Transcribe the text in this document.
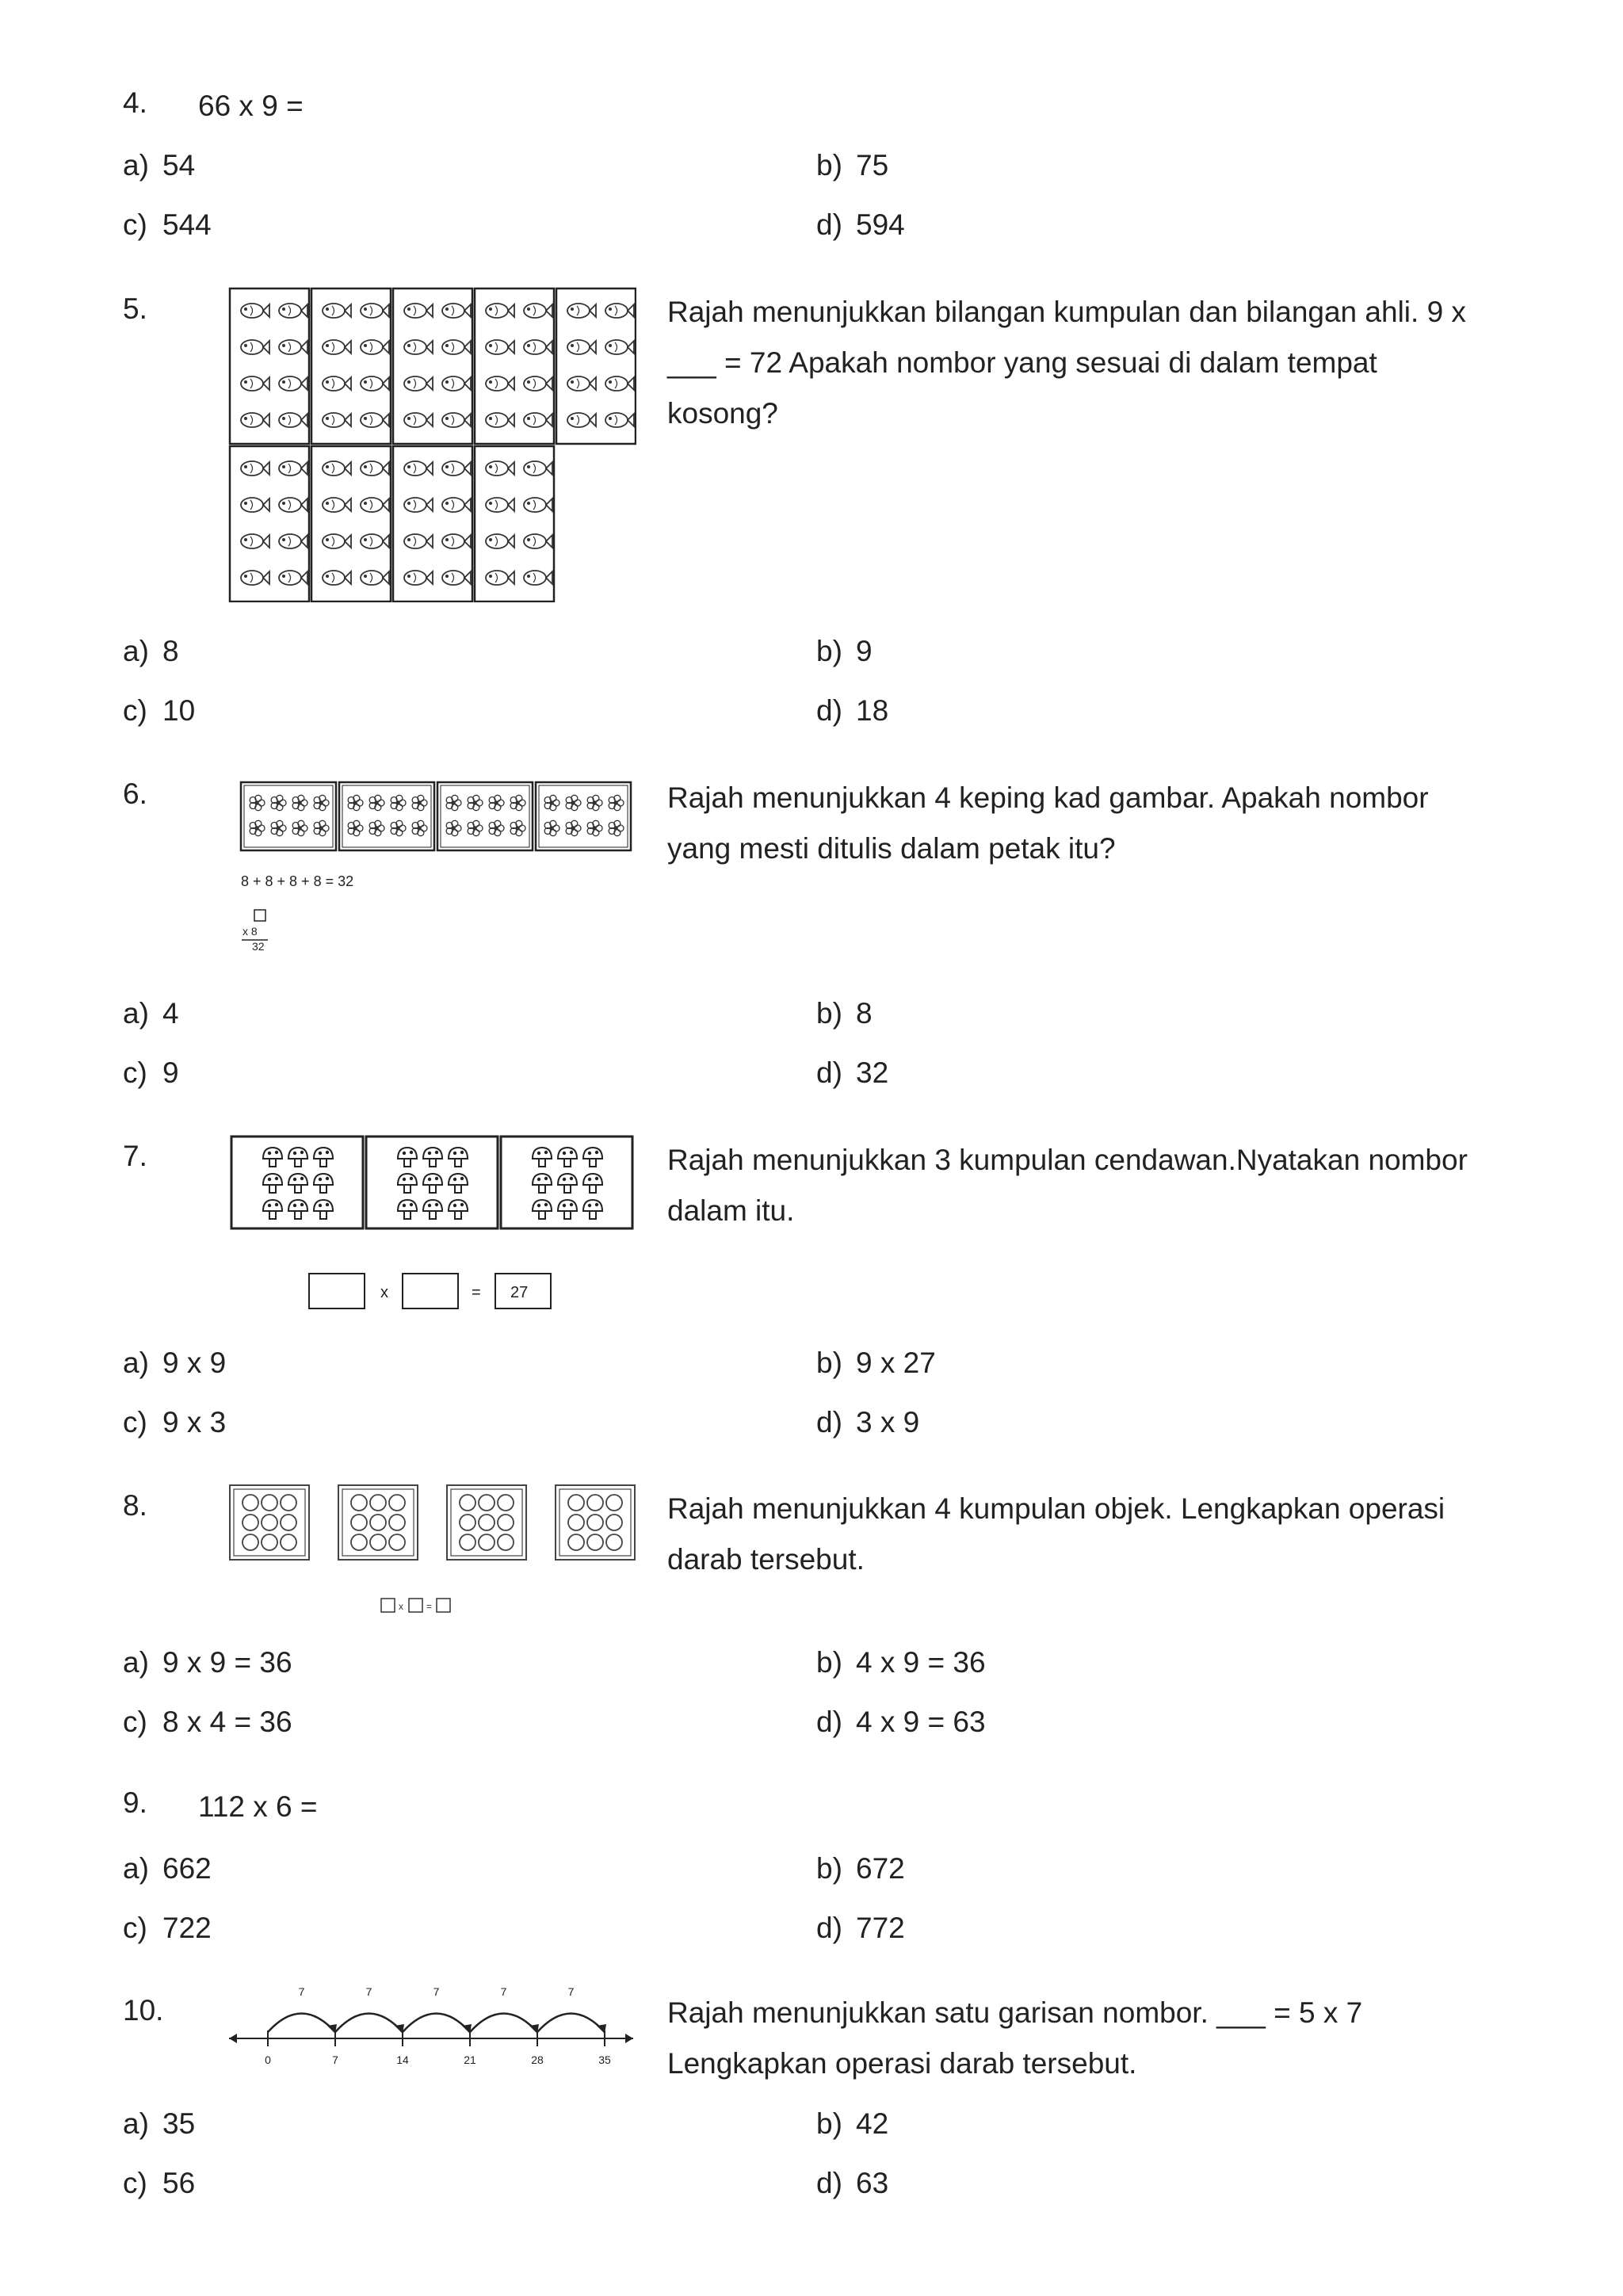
4. 66 x 9 =
a) 54	b) 75
c) 544	d) 594
5.	Rajah menunjukkan bilangan kumpulan dan bilangan ahli. 9 x ___ = 72 Apakah nombor yang sesuai di dalam tempat kosong?
a) 8	b) 9
c) 10	d) 18
6.
8 + 8 + 8 + 8 = 32
x 8
32
Rajah menunjukkan 4 keping kad gambar. Apakah nombor yang mesti ditulis dalam petak itu?
a) 4	b) 8
c) 9	d) 32
7.
x	= 27
Rajah menunjukkan 3 kumpulan cendawan.Nyatakan nombor dalam itu.
a) 9 x 9	b) 9 x 27
c) 9 x 3	d) 3 x 9
8.
x =
Rajah menunjukkan 4 kumpulan objek. Lengkapkan operasi darab tersebut.
a) 9 x 9 = 36	b) 4 x 9 = 36
c) 8 x 4 = 36	d) 4 x 9 = 63
9. 112 x 6 =
a) 662	b) 672
c) 722	d) 772
10.
0	7	14	21	28	35
7	7	7	7	7
Rajah menunjukkan satu garisan nombor. ___ = 5 x 7 Lengkapkan operasi darab tersebut.
a) 35	b) 42
c) 56	d) 63
